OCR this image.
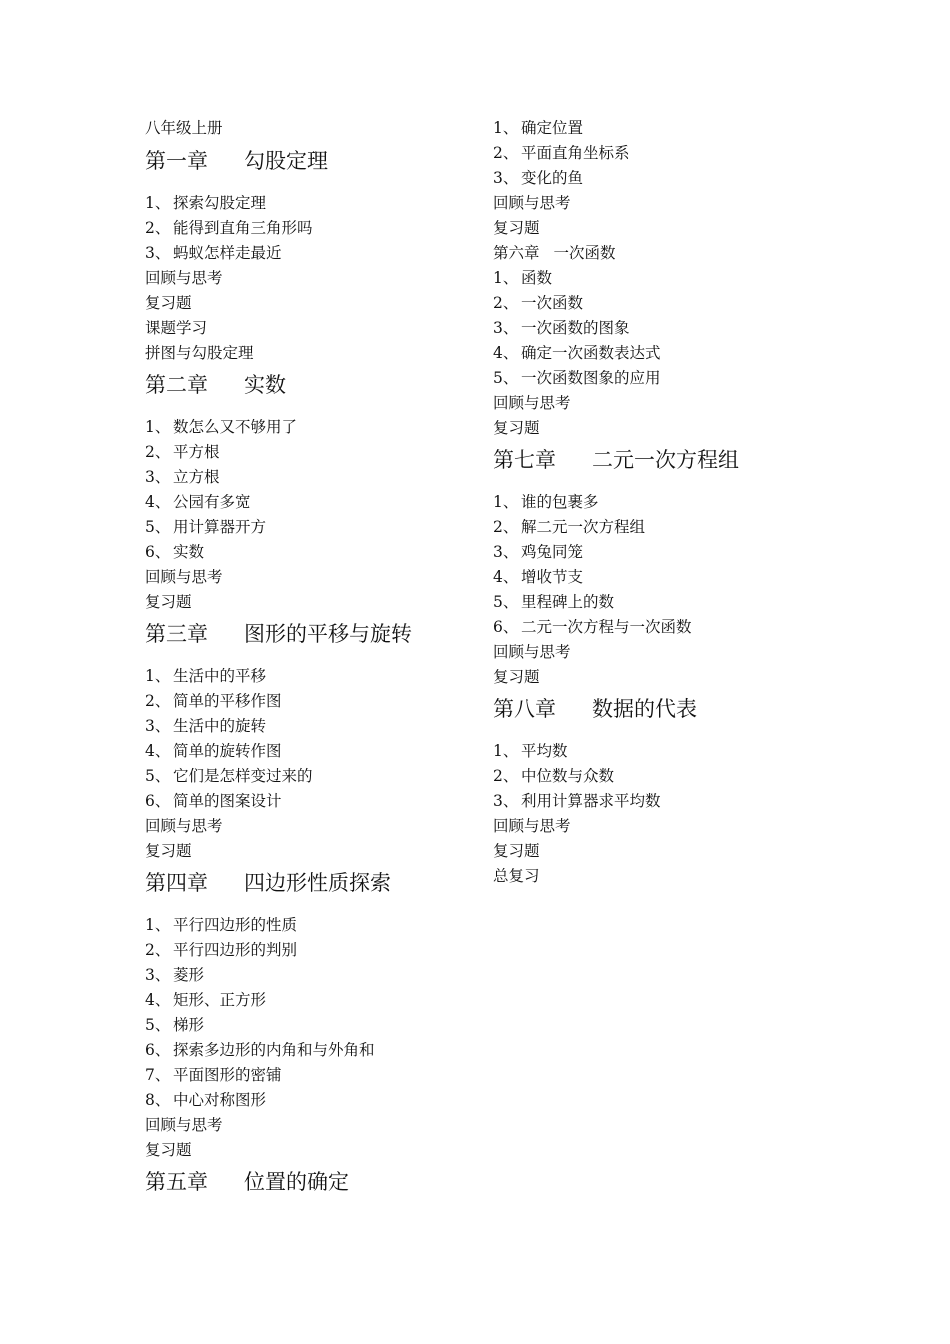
八年级上册
第一章 勾股定理
1、 探索勾股定理
2、 能得到直角三角形吗
3、 蚂蚁怎样走最近
回顾与思考
复习题
课题学习
拼图与勾股定理
第二章 实数
1、 数怎么又不够用了
2、 平方根
3、 立方根
4、 公园有多宽
5、 用计算器开方
6、 实数
回顾与思考
复习题
第三章 图形的平移与旋转
1、 生活中的平移
2、 简单的平移作图
3、 生活中的旋转
4、 简单的旋转作图
5、 它们是怎样变过来的
6、 简单的图案设计
回顾与思考
复习题
第四章 四边形性质探索
1、 平行四边形的性质
2、 平行四边形的判别
3、 菱形
4、 矩形、正方形
5、 梯形
6、 探索多边形的内角和与外角和
7、 平面图形的密铺
8、 中心对称图形
回顾与思考
复习题
第五章 位置的确定
1、 确定位置
2、 平面直角坐标系
3、 变化的鱼
回顾与思考
复习题
第六章 一次函数
1、 函数
2、 一次函数
3、 一次函数的图象
4、 确定一次函数表达式
5、 一次函数图象的应用
回顾与思考
复习题
第七章 二元一次方程组
1、 谁的包裹多
2、 解二元一次方程组
3、 鸡兔同笼
4、 增收节支
5、 里程碑上的数
6、 二元一次方程与一次函数
回顾与思考
复习题
第八章 数据的代表
1、 平均数
2、 中位数与众数
3、 利用计算器求平均数
回顾与思考
复习题
总复习
